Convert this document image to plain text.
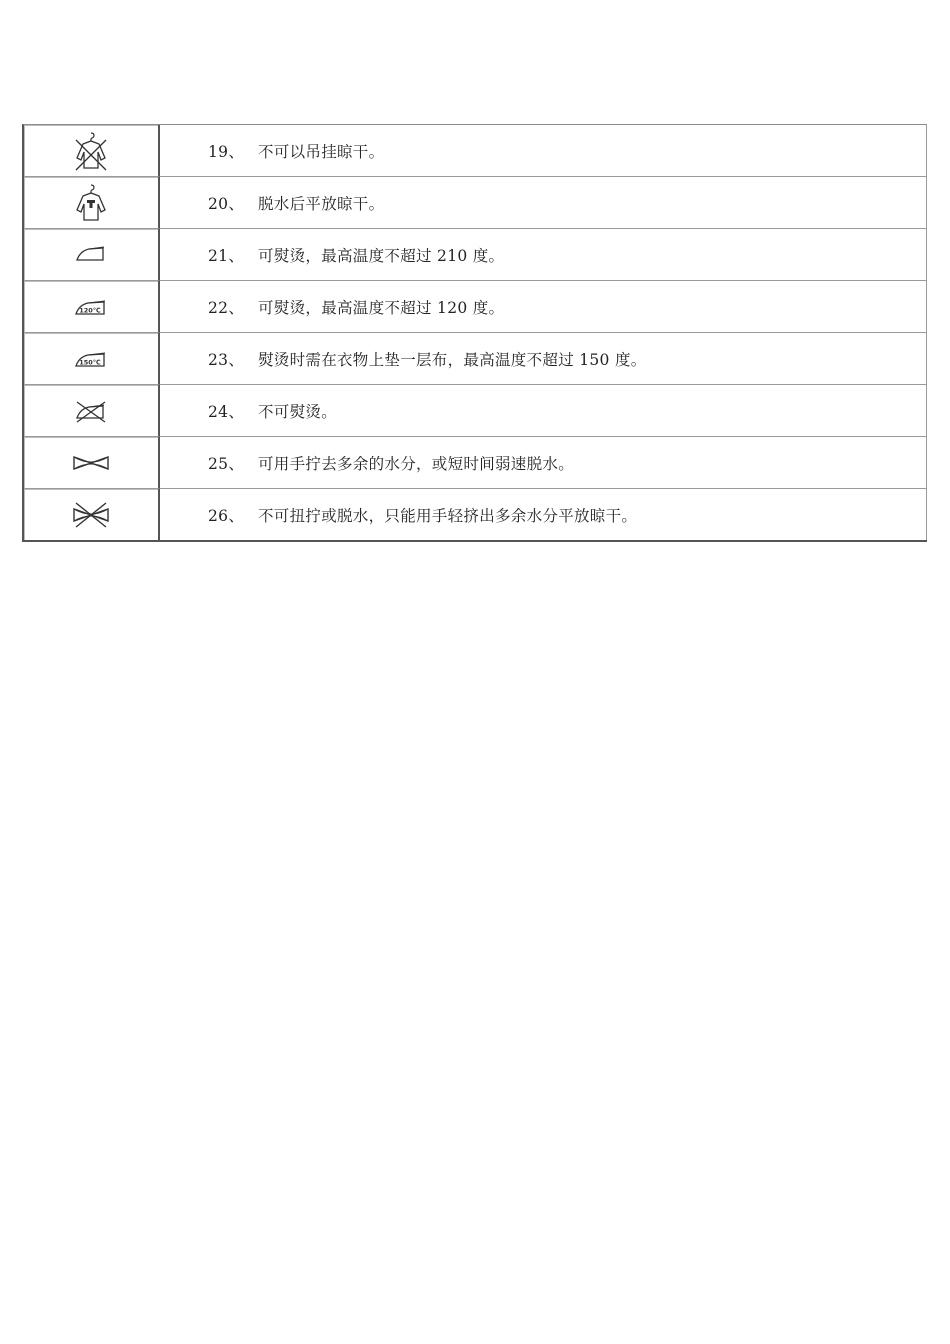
	19、 不可以吊挂晾干。
	20、 脱水后平放晾干。
	21、 可熨烫，最高温度不超过 210 度。

120℃	22、 可熨烫，最高温度不超过 120 度。

150℃	23、 熨烫时需在衣物上垫一层布，最高温度不超过 150 度。
	24、 不可熨烫。
	25、 可用手拧去多余的水分，或短时间弱速脱水。
	26、 不可扭拧或脱水，只能用手轻挤出多余水分平放晾干。
